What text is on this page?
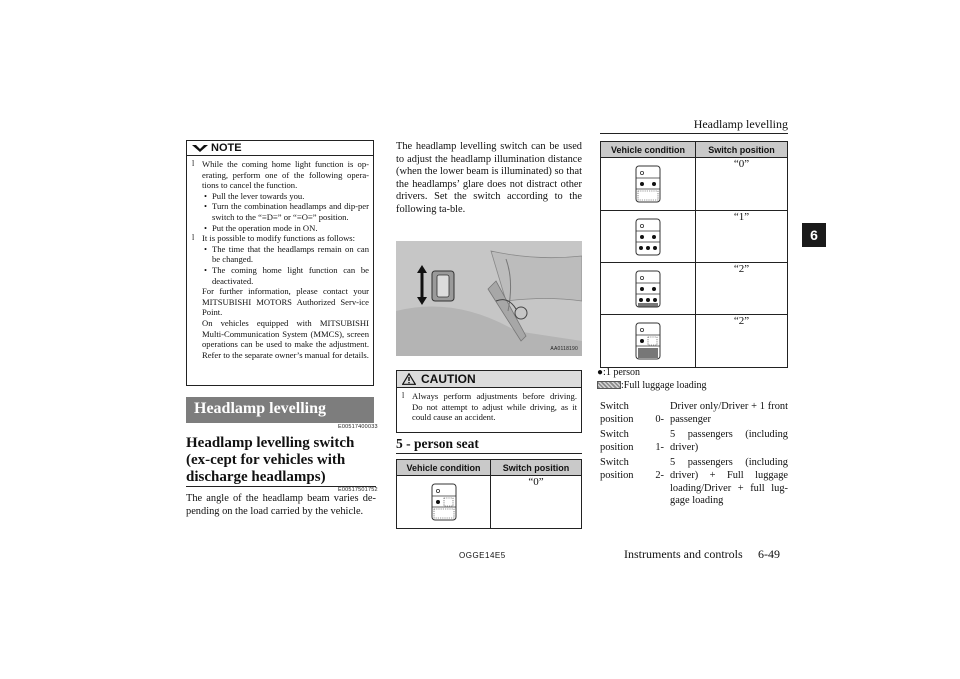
Headlamp levelling
6
NOTE
l While the coming home light function is op-erating, perform one of the following opera-tions to cancel the function.
• Pull the lever towards you.
• Turn the combination headlamps and dip-per switch to the “≡D≡” or “≡O≡” position.
• Put the operation mode in ON.
l It is possible to modify functions as follows:
• The time that the headlamps remain on can be changed.
• The coming home light function can be deactivated.
For further information, please contact your MITSUBISHI MOTORS Authorized Serv-ice Point.
On vehicles equipped with MITSUBISHI Multi-Communication System (MMCS), screen operations can be used to make the adjustment. Refer to the separate owner’s manual for details.
Headlamp levelling
E00517400033
Headlamp levelling switch (ex-cept for vehicles with discharge headlamps)
E00517501752
The angle of the headlamp beam varies de-pending on the load carried by the vehicle.
The headlamp levelling switch can be used to adjust the headlamp illumination distance (when the lower beam is illuminated) so that the headlamps’ glare does not distract other drivers. Set the switch according to the following ta-ble.
AA0118190
CAUTION
l Always perform adjustments before driving. Do not attempt to adjust while driving, as it could cause an accident.
5 - person seat
Vehicle condition	Switch position

	“0”
Vehicle condition	Switch position

	“0”

	“1”

	“2”

	“2”
●:1 person
:Full luggage loading
Switch position 0-
Driver only/Driver + 1 front passenger
Switch position 1-
5 passengers (including driver)
Switch position 2-
5 passengers (including driver) + Full luggage loading/Driver + full lug-gage loading
OGGE14E5	Instruments and controls 6-49
